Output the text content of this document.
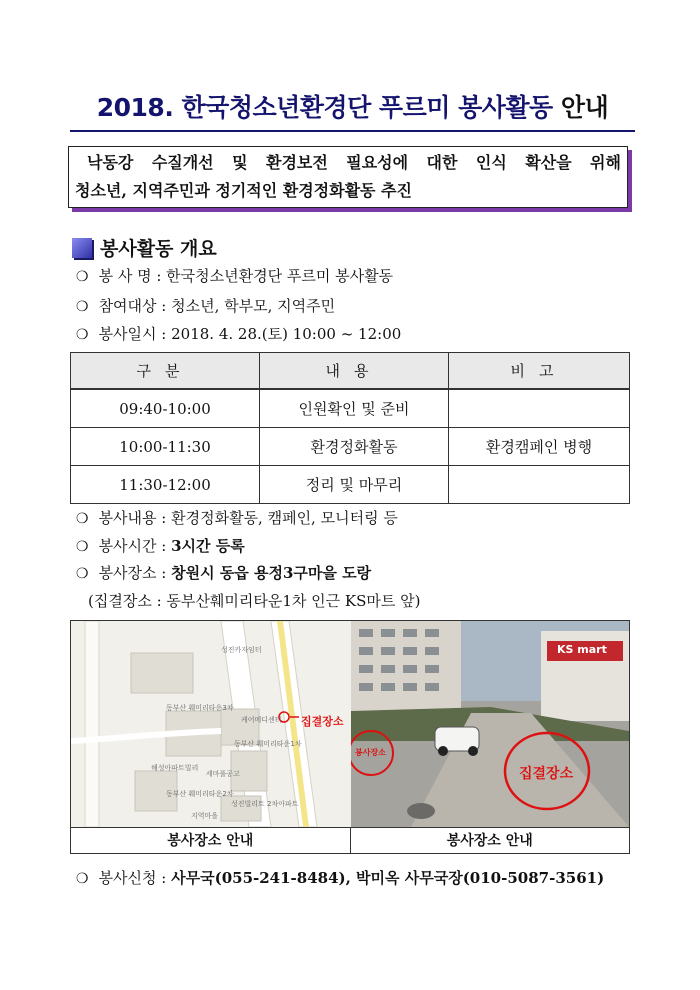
2018. 한국청소년환경단 푸르미 봉사활동 안내
낙동강 수질개선 및 환경보전 필요성에 대한 인식 확산을 위해
청소년, 지역주민과 정기적인 환경정화활동 추진
봉사활동 개요
❍ 봉 사 명 : 한국청소년환경단 푸르미 봉사활동
❍ 참여대상 : 청소년, 학부모, 지역주민
❍ 봉사일시 : 2018. 4. 28.(토) 10:00 ~ 12:00
구분	내용	비고
09:40-10:00	인원확인 및 준비	
10:00-11:30	환경정화활동	환경캠페인 병행
11:30-12:00	정리 및 마무리	
❍ 봉사내용 : 환경정화활동, 캠페인, 모니터링 등
❍ 봉사시간 : 3시간 등록
❍ 봉사장소 : 창원시 동읍 용정3구마을 도랑
(집결장소 : 동부산훼미리타운1차 인근 KS마트 앞)
성진카자임터
케어메디센터
동부산 훼미리타운3차
동부산 훼미리타운1차
해성아파트빌리
세마풀공고
동부산 훼미리타운2차
성진빌리트 2차아파트
지역마을
집결장소
KS mart
봉사장소
집결장소
봉사장소 안내	봉사장소 안내
❍ 봉사신청 : 사무국(055-241-8484), 박미옥 사무국장(010-5087-3561)
